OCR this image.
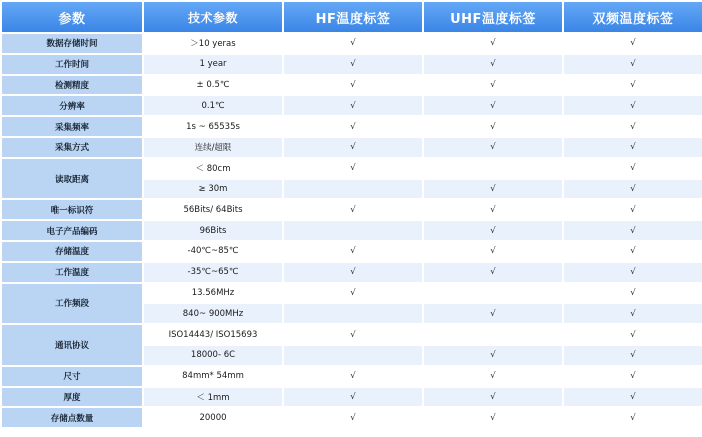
参数	技术参数	HF温度标签	UHF温度标签	双频温度标签
数据存储时间	＞10 yeras	√	√	√
工作时间	1 year	√	√	√
检测精度	± 0.5℃	√	√	√
分辨率	0.1℃	√	√	√
采集频率	1s ~ 65535s	√	√	√
采集方式	连续/超限	√	√	√
读取距离	＜ 80cm	√		√
	≥ 30m		√	√
唯一标识符	56Bits/ 64Bits	√	√	√
电子产品编码	96Bits		√	√
存储温度	-40℃~85℃	√	√	√
工作温度	-35℃~65℃	√	√	√
工作频段	13.56MHz	√		√
	840~ 900MHz		√	√
通讯协议	ISO14443/ ISO15693	√		√
	18000- 6C		√	√
尺寸	84mm* 54mm	√	√	√
厚度	＜ 1mm	√	√	√
存储点数量	20000	√	√	√
